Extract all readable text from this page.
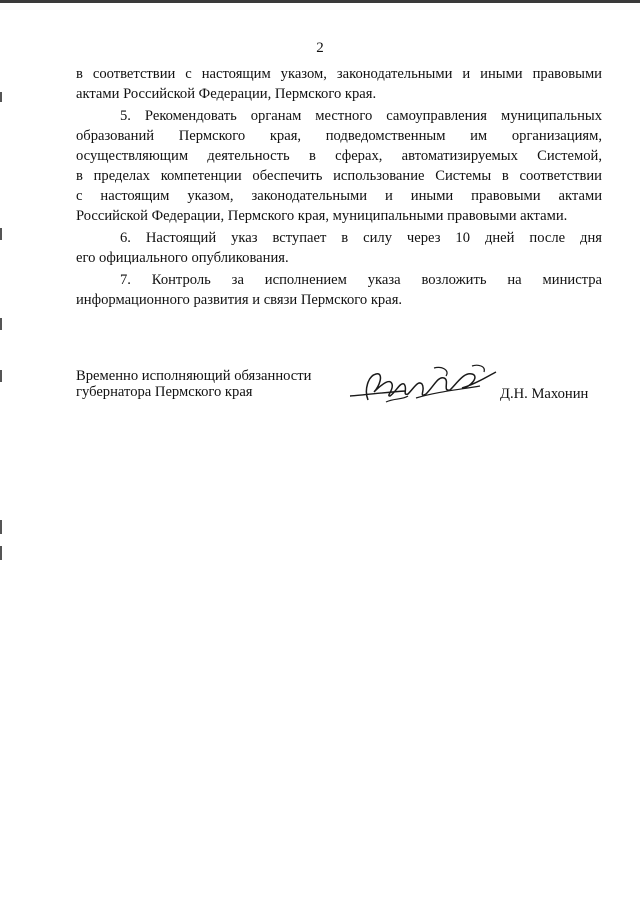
2

в соответствии с настоящим указом, законодательными и иными правовыми
актами Российской Федерации, Пермского края.

5. Рекомендовать органам местного самоуправления муниципальных
образований Пермского края, подведомственным им организациям,
осуществляющим деятельность в сферах, автоматизируемых Системой,
в пределах компетенции обеспечить использование Системы в соответствии
с настоящим указом, законодательными и иными правовыми актами
Российской Федерации, Пермского края, муниципальными правовыми актами.

6. Настоящий указ вступает в силу через 10 дней после дня
его официального опубликования.

7. Контроль за исполнением указа возложить на министра
информационного развития и связи Пермского края.

Временно исполняющий обязанности
губернатора Пермского края	Д.Н. Махонин
